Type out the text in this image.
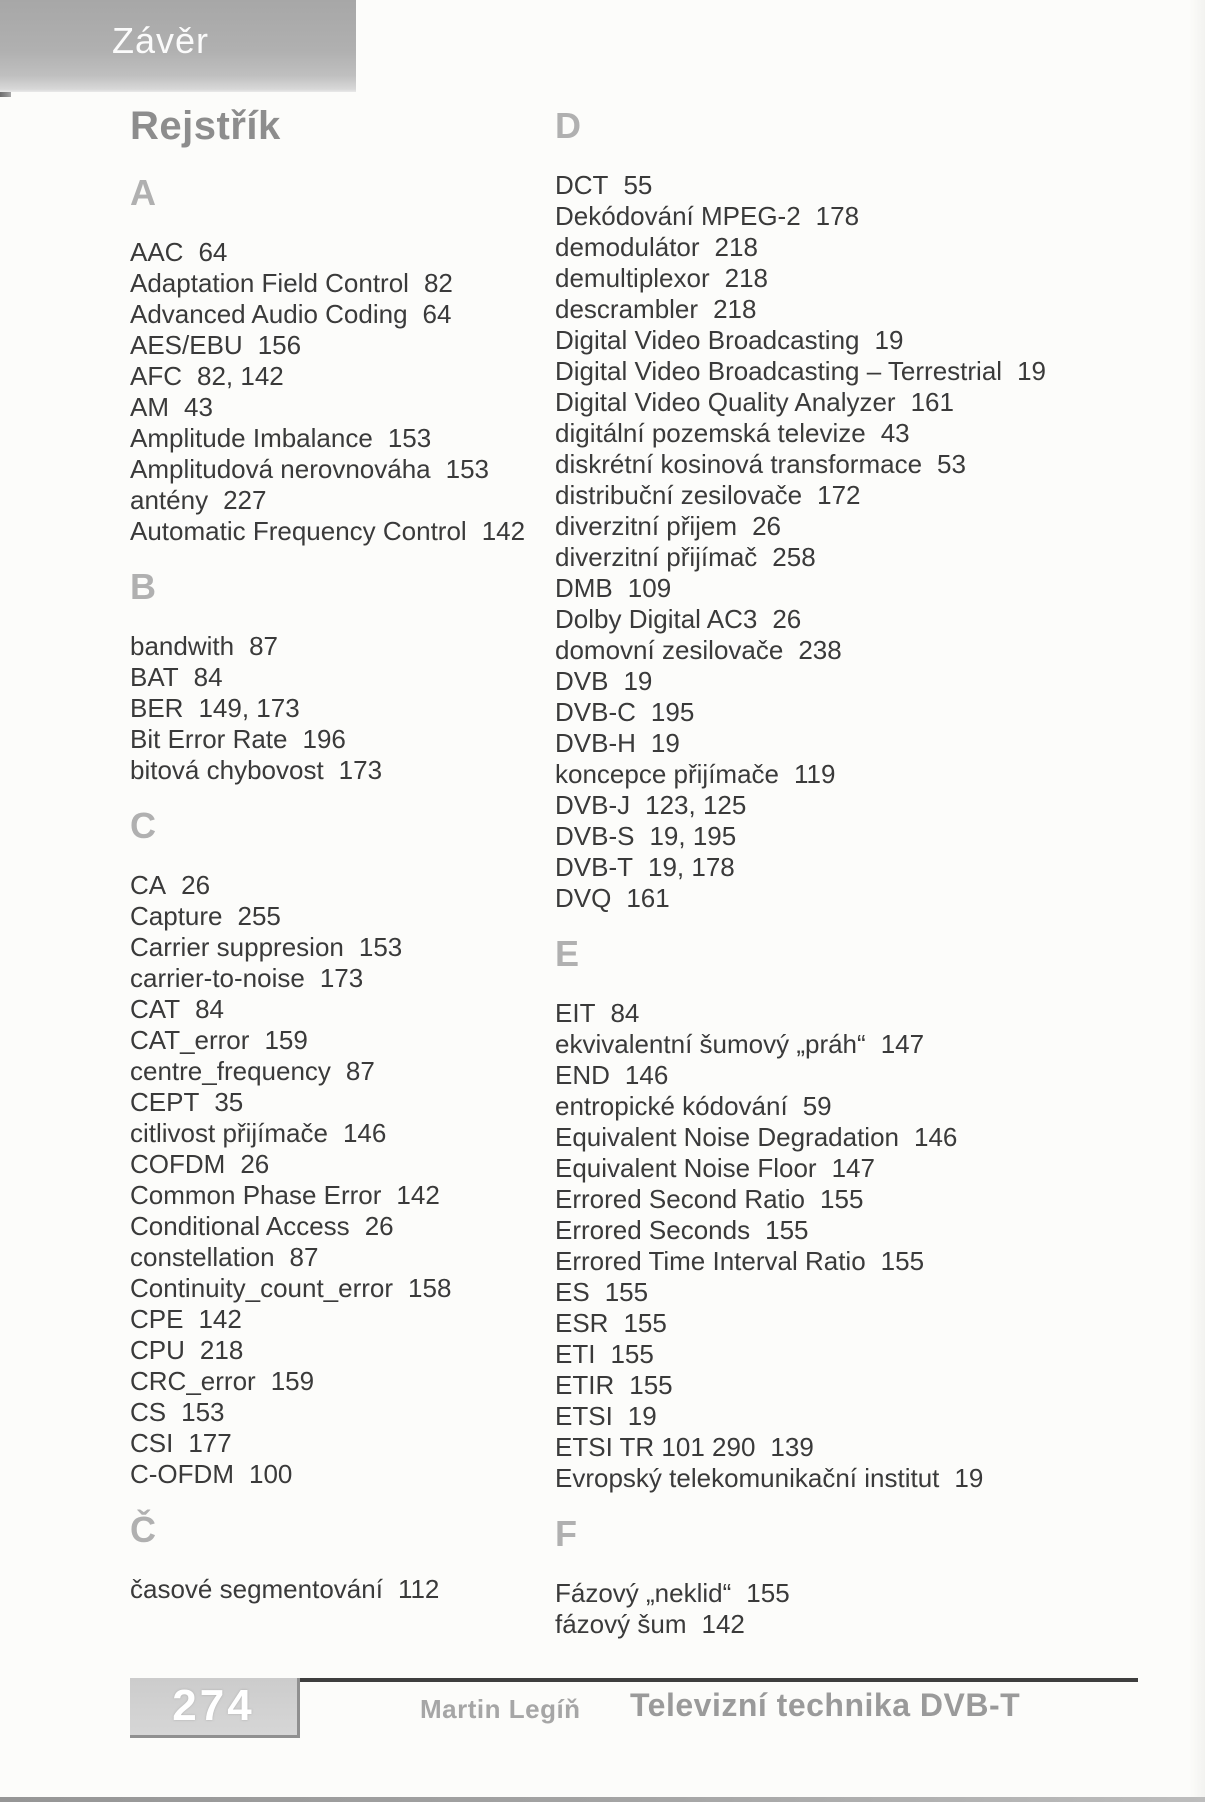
Závěr
Rejstřík
A
AAC 64
Adaptation Field Control 82
Advanced Audio Coding 64
AES/EBU 156
AFC 82, 142
AM 43
Amplitude Imbalance 153
Amplitudová nerovnováha 153
antény 227
Automatic Frequency Control 142
B
bandwith 87
BAT 84
BER 149, 173
Bit Error Rate 196
bitová chybovost 173
C
CA 26
Capture 255
Carrier suppresion 153
carrier-to-noise 173
CAT 84
CAT_error 159
centre_frequency 87
CEPT 35
citlivost přijímače 146
COFDM 26
Common Phase Error 142
Conditional Access 26
constellation 87
Continuity_count_error 158
CPE 142
CPU 218
CRC_error 159
CS 153
CSI 177
C-OFDM 100
Č
časové segmentování 112
D
DCT 55
Dekódování MPEG-2 178
demodulátor 218
demultiplexor 218
descrambler 218
Digital Video Broadcasting 19
Digital Video Broadcasting – Terrestrial 19
Digital Video Quality Analyzer 161
digitální pozemská televize 43
diskrétní kosinová transformace 53
distribuční zesilovače 172
diverzitní přijem 26
diverzitní přijímač 258
DMB 109
Dolby Digital AC3 26
domovní zesilovače 238
DVB 19
DVB-C 195
DVB-H 19
koncepce přijímače 119
DVB-J 123, 125
DVB-S 19, 195
DVB-T 19, 178
DVQ 161
E
EIT 84
ekvivalentní šumový „práh“ 147
END 146
entropické kódování 59
Equivalent Noise Degradation 146
Equivalent Noise Floor 147
Errored Second Ratio 155
Errored Seconds 155
Errored Time Interval Ratio 155
ES 155
ESR 155
ETI 155
ETIR 155
ETSI 19
ETSI TR 101 290 139
Evropský telekomunikační institut 19
F
Fázový „neklid“ 155
fázový šum 142
274	Martin Legíň Televizní technika DVB-T
